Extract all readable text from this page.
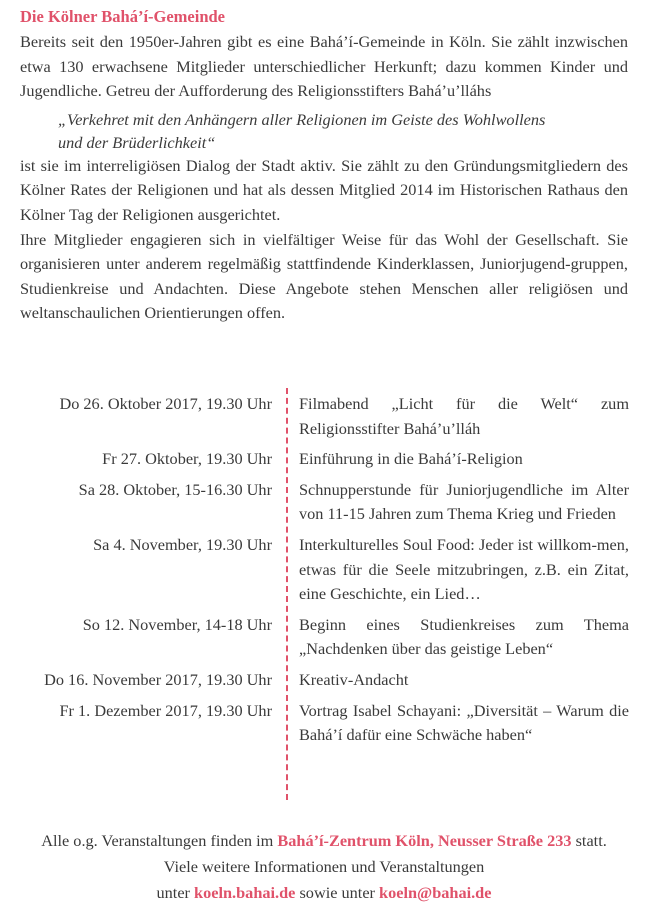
Die Kölner Bahá’í-Gemeinde

Bereits seit den 1950er-Jahren gibt es eine Bahá’í-Gemeinde in Köln. Sie zählt inzwischen etwa 130 erwachsene Mitglieder unterschiedlicher Herkunft; dazu kommen Kinder und Jugendliche. Getreu der Aufforderung des Religionsstifters Bahá’u’lláhs

„Verkehret mit den Anhängern aller Religionen im Geiste des Wohlwollens
und der Brüderlichkeit“

ist sie im interreligiösen Dialog der Stadt aktiv. Sie zählt zu den Gründungsmitgliedern des Kölner Rates der Religionen und hat als dessen Mitglied 2014 im Historischen Rathaus den Kölner Tag der Religionen ausgerichtet.

Ihre Mitglieder engagieren sich in vielfältiger Weise für das Wohl der Gesellschaft. Sie organisieren unter anderem regelmäßig stattfindende Kinderklassen, Juniorjugend-gruppen, Studienkreise und Andachten. Diese Angebote stehen Menschen aller religiösen und weltanschaulichen Orientierungen offen.

Do 26. Oktober 2017, 19.30 Uhr Filmabend „Licht für die Welt“ zum Religionsstifter Bahá’u’lláh
Fr 27. Oktober, 19.30 Uhr Einführung in die Bahá’í-Religion
Sa 28. Oktober, 15-16.30 Uhr Schnupperstunde für Juniorjugendliche im Alter von 11-15 Jahren zum Thema Krieg und Frieden
Sa 4. November, 19.30 Uhr Interkulturelles Soul Food: Jeder ist willkom-men, etwas für die Seele mitzubringen, z.B. ein Zitat, eine Geschichte, ein Lied…
So 12. November, 14-18 Uhr Beginn eines Studienkreises zum Thema „Nachdenken über das geistige Leben“
Do 16. November 2017, 19.30 Uhr Kreativ-Andacht
Fr 1. Dezember 2017, 19.30 Uhr Vortrag Isabel Schayani: „Diversität – Warum die Bahá’í dafür eine Schwäche haben“
Alle o.g. Veranstaltungen finden im Bahá’í-Zentrum Köln, Neusser Straße 233 statt.
Viele weitere Informationen und Veranstaltungen
unter koeln.bahai.de sowie unter koeln@bahai.de
